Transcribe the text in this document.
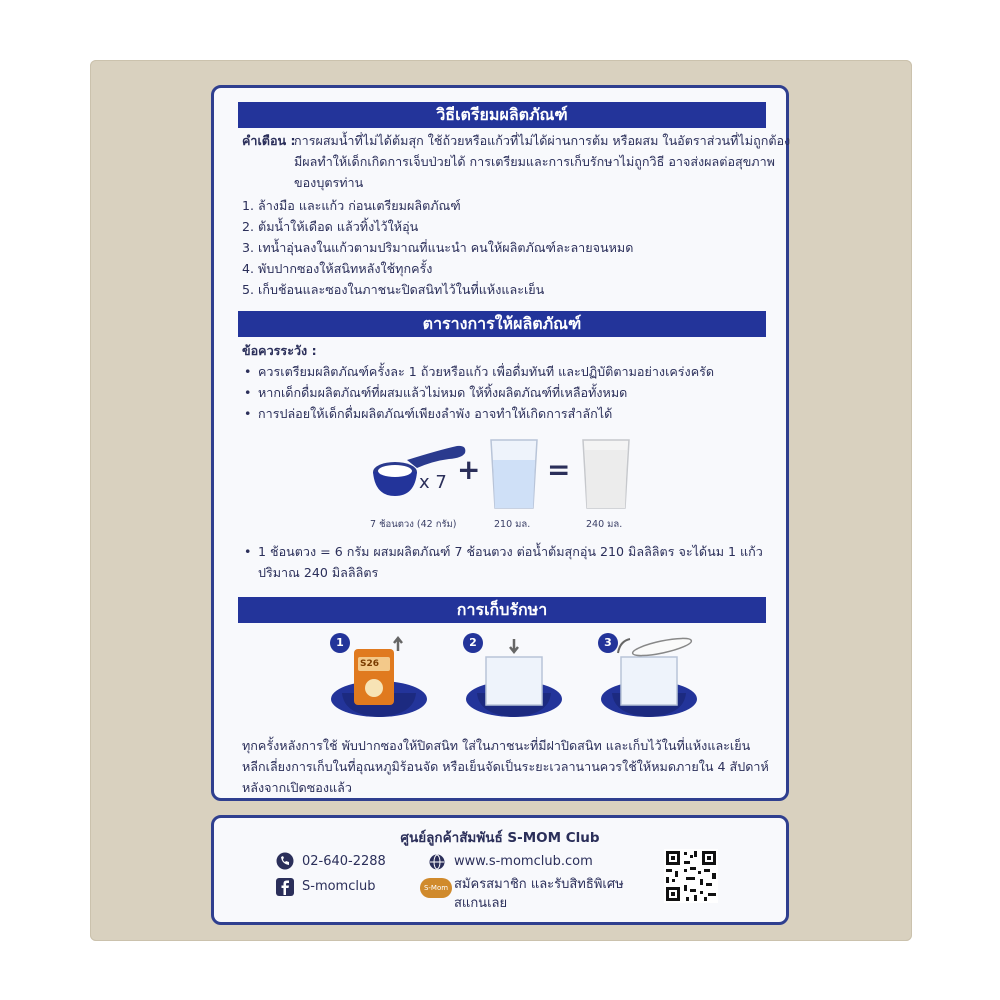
วิธีเตรียมผลิตภัณฑ์
คำเตือน :
การผสมน้ำที่ไม่ได้ต้มสุก ใช้ถ้วยหรือแก้วที่ไม่ได้ผ่านการต้ม หรือผสม ในอัตราส่วนที่ไม่ถูกต้อง
มีผลทำให้เด็กเกิดการเจ็บป่วยได้ การเตรียมและการเก็บรักษาไม่ถูกวิธี อาจส่งผลต่อสุขภาพ
ของบุตรท่าน
1. ล้างมือ และแก้ว ก่อนเตรียมผลิตภัณฑ์
2. ต้มน้ำให้เดือด แล้วทิ้งไว้ให้อุ่น
3. เทน้ำอุ่นลงในแก้วตามปริมาณที่แนะนำ คนให้ผลิตภัณฑ์ละลายจนหมด
4. พับปากซองให้สนิทหลังใช้ทุกครั้ง
5. เก็บช้อนและซองในภาชนะปิดสนิทไว้ในที่แห้งและเย็น
ตารางการให้ผลิตภัณฑ์
ข้อควรระวัง :
• ควรเตรียมผลิตภัณฑ์ครั้งละ 1 ถ้วยหรือแก้ว เพื่อดื่มทันที และปฏิบัติตามอย่างเคร่งครัด
• หากเด็กดื่มผลิตภัณฑ์ที่ผสมแล้วไม่หมด ให้ทิ้งผลิตภัณฑ์ที่เหลือทั้งหมด
• การปล่อยให้เด็กดื่มผลิตภัณฑ์เพียงลำพัง อาจทำให้เกิดการสำลักได้
x 7 + =
7 ช้อนตวง (42 กรัม)	210 มล.	240 มล.
• 1 ช้อนตวง = 6 กรัม ผสมผลิตภัณฑ์ 7 ช้อนตวง ต่อน้ำต้มสุกอุ่น 210 มิลลิลิตร จะได้นม 1 แก้ว
ปริมาณ 240 มิลลิลิตร
การเก็บรักษา
S26
1	2	3
ทุกครั้งหลังการใช้ พับปากซองให้ปิดสนิท ใส่ในภาชนะที่มีฝาปิดสนิท และเก็บไว้ในที่แห้งและเย็น
หลีกเลี่ยงการเก็บในที่อุณหภูมิร้อนจัด หรือเย็นจัดเป็นระยะเวลานานควรใช้ให้หมดภายใน 4 สัปดาห์
หลังจากเปิดซองแล้ว
ศูนย์ลูกค้าสัมพันธ์ S-MOM Club
02-640-2288	www.s-momclub.com
S-momclub	S-Mom สมัครสมาชิก และรับสิทธิพิเศษ
สแกนเลย
